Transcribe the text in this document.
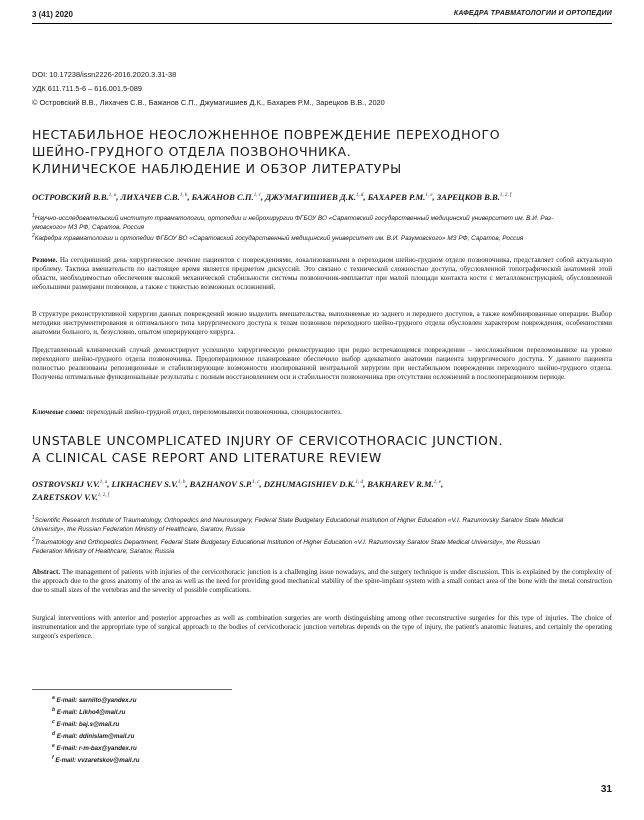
3 (41) 2020	КАФЕДРА ТРАВМАТОЛОГИИ И ОРТОПЕДИИ
DOI: 10.17238/issn2226-2016.2020.3.31-38
УДК 611.711.5-6 – 616.001.5-089
© Островский В.В., Лихачев С.В., Бажанов С.П., Джумагишиев Д.К., Бахарев Р.М., Зарецков В.В., 2020
НЕСТАБИЛЬНОЕ НЕОСЛОЖНЕННОЕ ПОВРЕЖДЕНИЕ ПЕРЕХОДНОГО
ШЕЙНО-ГРУДНОГО ОТДЕЛА ПОЗВОНОЧНИКА.
КЛИНИЧЕСКОЕ НАБЛЮДЕНИЕ И ОБЗОР ЛИТЕРАТУРЫ
ОСТРОВСКИЙ В.В.$^{1, a}$, ЛИХАЧЕВ С.В.$^{1, b}$, БАЖАНОВ С.П.$^{1, c}$, ДЖУМАГИШИЕВ Д.К.$^{1, d}$, БАХАРЕВ Р.М.$^{1, e}$, ЗАРЕЦКОВ В.В.$^{1, 2, f}$
$^1$Научно-исследовательский институт травматологии, ортопедии и нейрохирургии ФГБОУ ВО «Саратовский государственный медицинский университет им. В.И. Раз-
умовского» МЗ РФ, Саратов, Россия
$^2$Кафедра травматологии и ортопедии ФГБОУ ВО «Саратовский государственный медицинский университет им. В.И. Разумовского» МЗ РФ, Саратов, Россия

Резюме. На сегодняшний день хирургическое лечение пациентов с повреждениями, локализованными в переходном шейно-грудном отделе позвоночника, представляет собой актуальную проблему. Тактика вмешательств по настоящее время является предметом дискуссий. Это связано с технической сложностью доступа, обусловленной топографической анатомией этой области, необходимостью обеспечения высокой механической стабильности системы позвоночник-имплантат при малой площади контакта кости с металлоконструкцией, обусловленной небольшими размерами позвонков, а также с тяжестью возможных осложнений.

В структуре реконструктивной хирургии данных повреждений можно выделить вмешательства, выполняемые из заднего и переднего доступов, а также комбинированные операции. Выбор методики инструментирования и оптимального типа хирургического доступа к телам позвонков переходного шейно-грудного отдела обусловлен характером повреждения, особенностями анатомии больного, и, безусловно, опытом оперирующего хирурга.

Представленный клинический случай демонстрирует успешную хирургическую реконструкцию при редко встречающемся повреждении – неосложнённом переломовывихе на уровне переходного шейно-грудного отдела позвоночника. Предоперационное планирование обеспечило выбор адекватного анатомии пациента хирургического доступа. У данного пациента полностью реализованы репозиционные и стабилизирующие возможности изолированной вентральной хирургии при нестабильном повреждении переходного шейно-грудного отдела. Получены оптимальные функциональные результаты с полным восстановлением оси и стабильности позвоночника при отсутствии осложнений в послеоперационном периоде.

Ключевые слова: переходный шейно-грудной отдел, переломовывихи позвоночника, спондилосинтез.

UNSTABLE UNCOMPLICATED INJURY OF CERVICOTHORACIC JUNCTION.
A CLINICAL CASE REPORT AND LITERATURE REVIEW
OSTROVSKIJ V.V.$^{1, a}$, LIKHACHEV S.V.$^{1, b}$, BAZHANOV S.P.$^{1, c}$, DZHUMAGISHIEV D.K.$^{1, d}$, BAKHAREV R.M.$^{1, e}$,
ZARETSKOV V.V.$^{1, 2, f}$
$^1$Scientific Research Institute of Traumatology, Orthopedics and Neurosurgery, Federal State Budgetary Educational Institution of Higher Education «V.I. Razumovsky Saratov State Medical
University», the Russian Federation Ministry of Healthcare, Saratov, Russia
$^2$Traumatology and Orthopedics Department, Federal State Budgetary Educational Institution of Higher Education «V.I. Razumovsky Saratov State Medical University», the Russian
Federation Ministry of Healthcare, Saratov, Russia

Abstract. The management of patients with injuries of the cervicothoracic junction is a challenging issue nowadays, and the surgery technique is under discussion. This is explained by the complexity of the approach due to the gross anatomy of the area as well as the need for providing good mechanical stability of the spine-implant system with a small contact area of the bone with the metal construction due to small sizes of the vertebras and the severity of possible complications.

Surgical interventions with anterior and posterior approaches as well as combination surgeries are worth distinguishing among other reconstructive surgeries for this type of injuries. The choice of instrumentation and the appropriate type of surgical approach to the bodies of cervicothoracic junction vertebras depends on the type of injury, the patient's anatomic features, and certainly the operating surgeon's experience.

$^a$ E-mail: sarniito@yandex.ru
$^b$ E-mail: Likho4@mail.ru
$^c$ E-mail: baj.s@mail.ru
$^d$ E-mail: ddinislam@mail.ru
$^e$ E-mail: r-m-bax@yandex.ru
$^f$ E-mail: vvzaretskov@mail.ru
31
